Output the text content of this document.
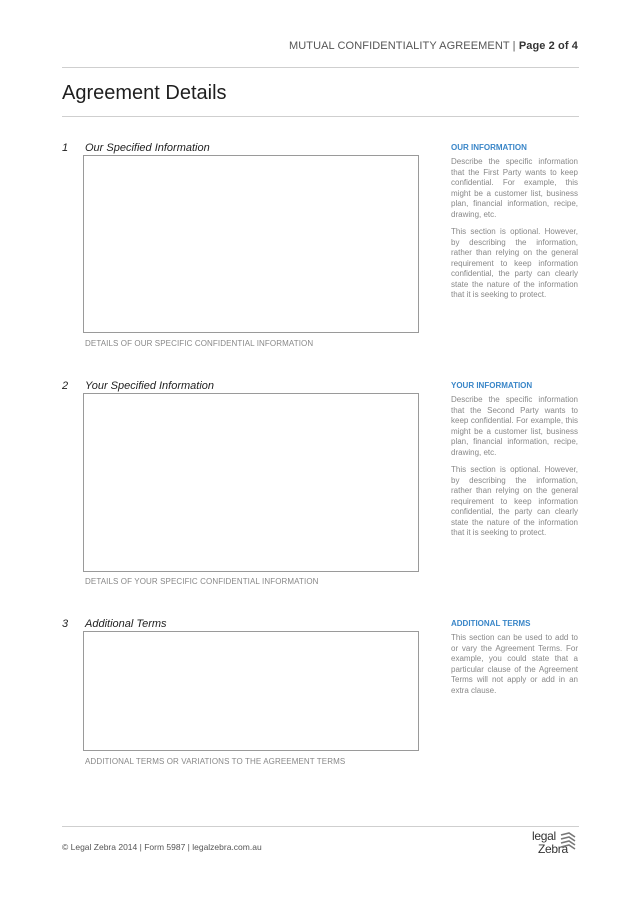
MUTUAL CONFIDENTIALITY AGREEMENT | Page 2 of 4
Agreement Details
1 Our Specified Information
DETAILS OF OUR SPECIFIC CONFIDENTIAL INFORMATION
OUR INFORMATION

Describe the specific information that the First Party wants to keep confidential. For example, this might be a customer list, business plan, financial information, recipe, drawing, etc.

This section is optional. However, by describing the information, rather than relying on the general requirement to keep information confidential, the party can clearly state the nature of the information that it is seeking to protect.

2 Your Specified Information
DETAILS OF YOUR SPECIFIC CONFIDENTIAL INFORMATION
YOUR INFORMATION

Describe the specific information that the Second Party wants to keep confidential. For example, this might be a customer list, business plan, financial information, recipe, drawing, etc.

This section is optional. However, by describing the information, rather than relying on the general requirement to keep information confidential, the party can clearly state the nature of the information that it is seeking to protect.

3 Additional Terms
ADDITIONAL TERMS OR VARIATIONS TO THE AGREEMENT TERMS
ADDITIONAL TERMS

This section can be used to add to or vary the Agreement Terms. For example, you could state that a particular clause of the Agreement Terms will not apply or add in an extra clause.

© Legal Zebra 2014 | Form 5987 | legalzebra.com.au
legal
Zebra
